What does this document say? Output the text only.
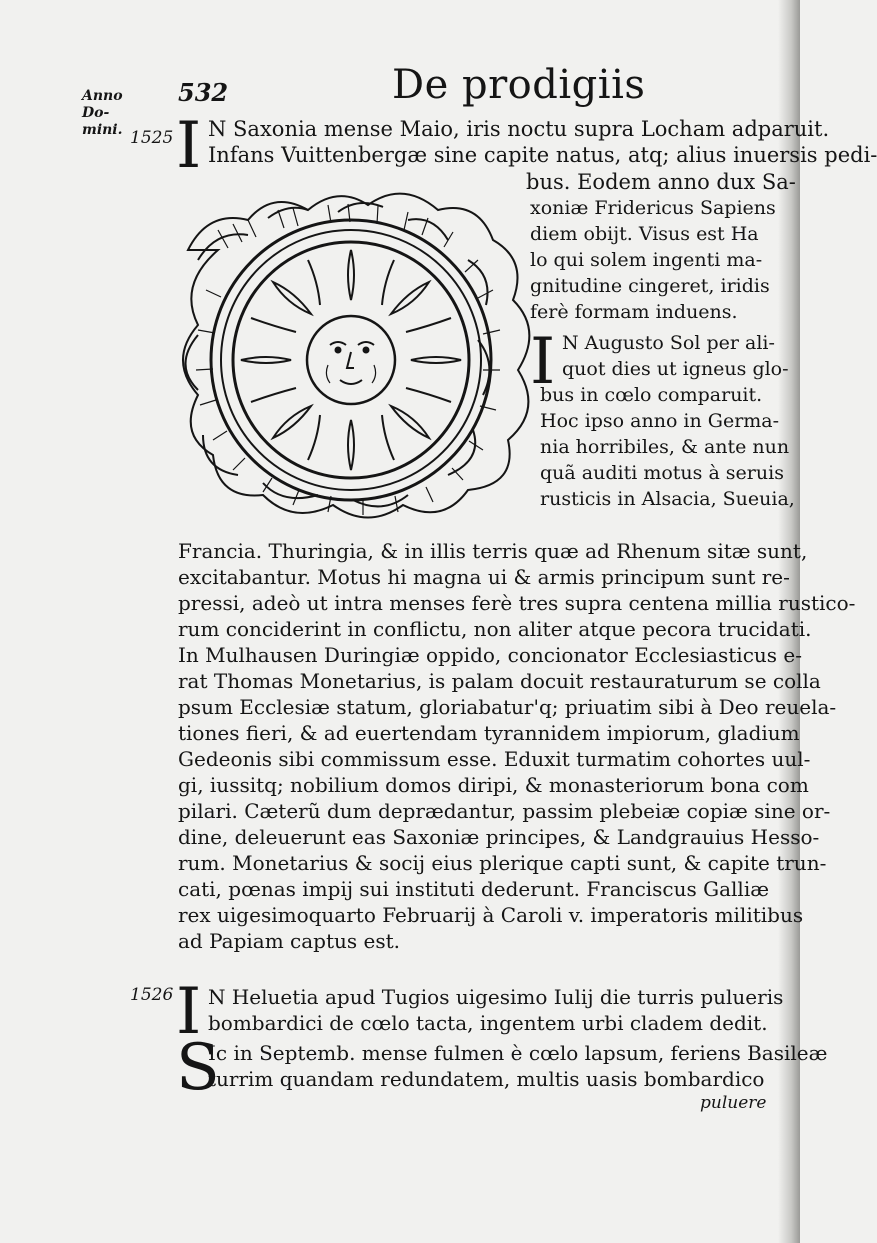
Anno Do-
mini.
532	De prodigiis
1525
1526
I
I
I
S
N Saxonia mense Maio, iris noctu supra Locham adparuit.
Infans Vuittenbergæ sine capite natus, atq; alius inuersis pedi-
bus. Eodem anno dux Sa-
xoniæ Fridericus Sapiens
diem obijt. Visus est Ha
lo qui solem ingenti ma-
gnitudine cingeret, iridis
ferè formam induens.
N Augusto Sol per ali-
quot dies ut igneus glo-
bus in cœlo comparuit.
Hoc ipso anno in Germa-
nia horribiles, & ante nun
quã auditi motus à seruis
rusticis in Alsacia, Sueuia,
Francia. Thuringia, & in illis terris quæ ad Rhenum sitæ sunt,
excitabantur. Motus hi magna ui & armis principum sunt re-
pressi, adeò ut intra menses ferè tres supra centena millia rustico-
rum conciderint in conflictu, non aliter atque pecora trucidati.
In Mulhausen Duringiæ oppido, concionator Ecclesiasticus e-
rat Thomas Monetarius, is palam docuit restauraturum se colla
psum Ecclesiæ statum, gloriabatur'q; priuatim sibi à Deo reuela-
tiones fieri, & ad euertendam tyrannidem impiorum, gladium
Gedeonis sibi commissum esse. Eduxit turmatim cohortes uul-
gi, iussitq; nobilium domos diripi, & monasteriorum bona com
pilari. Cæterũ dum deprædantur, passim plebeiæ copiæ sine or-
dine, deleuerunt eas Saxoniæ principes, & Landgrauius Hesso-
rum. Monetarius & socij eius plerique capti sunt, & capite trun-
cati, pœnas impij sui instituti dederunt. Franciscus Galliæ
rex uigesimoquarto Februarij à Caroli v. imperatoris militibus
ad Papiam captus est.
N Heluetia apud Tugios uigesimo Iulij die turris pulueris
bombardici de cœlo tacta, ingentem urbi cladem dedit.
Ic in Septemb. mense fulmen è cœlo lapsum, feriens Basileæ
turrim quandam redundatem, multis uasis bombardico
puluere
